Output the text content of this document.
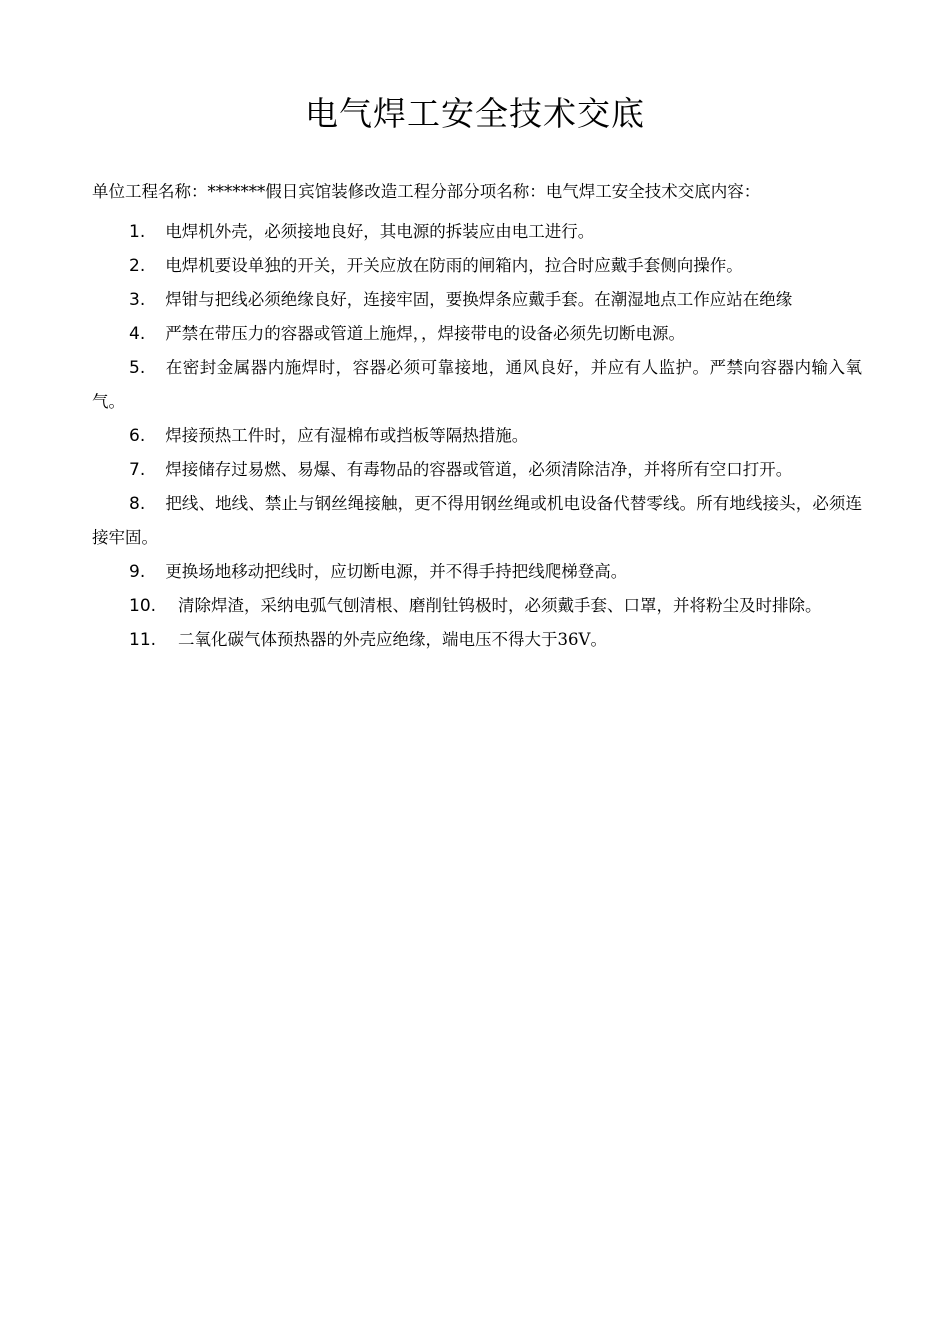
电气焊工安全技术交底
单位工程名称：*******假日宾馆装修改造工程分部分项名称：电气焊工安全技术交底内容：

1. 电焊机外壳，必须接地良好，其电源的拆装应由电工进行。

2. 电焊机要设单独的开关，开关应放在防雨的闸箱内，拉合时应戴手套侧向操作。

3. 焊钳与把线必须绝缘良好，连接牢固，要换焊条应戴手套。在潮湿地点工作应站在绝缘

4. 严禁在带压力的容器或管道上施焊，，焊接带电的设备必须先切断电源。

5. 在密封金属器内施焊时，容器必须可靠接地，通风良好，并应有人监护。严禁向容器内输入氧气。

6. 焊接预热工件时，应有湿棉布或挡板等隔热措施。

7. 焊接储存过易燃、易爆、有毒物品的容器或管道，必须清除洁净，并将所有空口打开。

8. 把线、地线、禁止与钢丝绳接触，更不得用钢丝绳或机电设备代替零线。所有地线接头，必须连接牢固。

9. 更换场地移动把线时，应切断电源，并不得手持把线爬梯登高。

10. 清除焊渣，采纳电弧气刨清根、磨削钍钨极时，必须戴手套、口罩，并将粉尘及时排除。

11. 二氧化碳气体预热器的外壳应绝缘，端电压不得大于36V。
